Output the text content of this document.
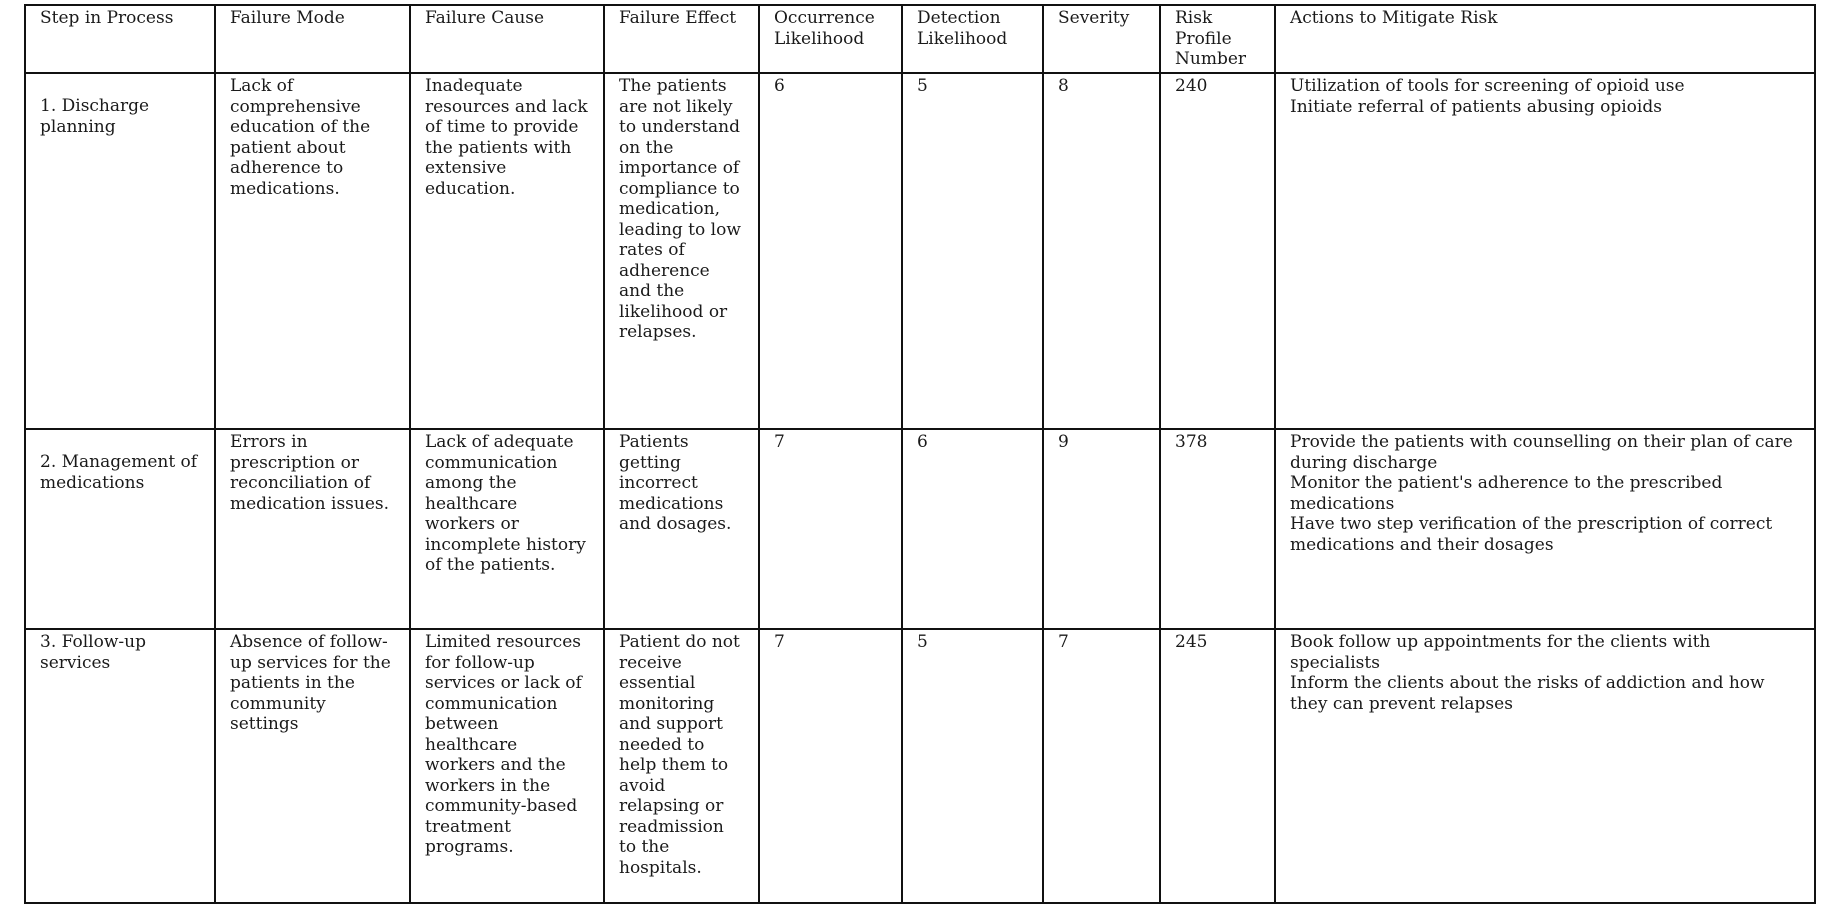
Step in Process	Failure Mode	Failure Cause	Failure Effect	Occurrence Likelihood	Detection Likelihood	Severity	Risk Profile Number	Actions to Mitigate Risk
1. Discharge planning	Lack of comprehensive education of the patient about adherence to medications.	Inadequate resources and lack of time to provide the patients with extensive education.	The patients are not likely to understand on the importance of compliance to medication, leading to low rates of adherence and the likelihood or relapses.	6	5	8	240	Utilization of tools for screening of opioid use
Initiate referral of patients abusing opioids

2. Management of medications	Errors in prescription or reconciliation of medication issues.	Lack of adequate communication among the healthcare workers or incomplete history of the patients.	Patients getting incorrect medications and dosages.	7	6	9	378	Provide the patients with counselling on their plan of care during discharge
Monitor the patient's adherence to the prescribed medications
Have two step verification of the prescription of correct medications and their dosages

3. Follow-up services	Absence of follow-up services for the patients in the community settings	Limited resources for follow-up services or lack of communication between healthcare workers and the workers in the community-based treatment programs.	Patient do not receive essential monitoring and support needed to help them to avoid relapsing or readmission to the hospitals.	7	5	7	245	Book follow up appointments for the clients with specialists
Inform the clients about the risks of addiction and how they can prevent relapses
